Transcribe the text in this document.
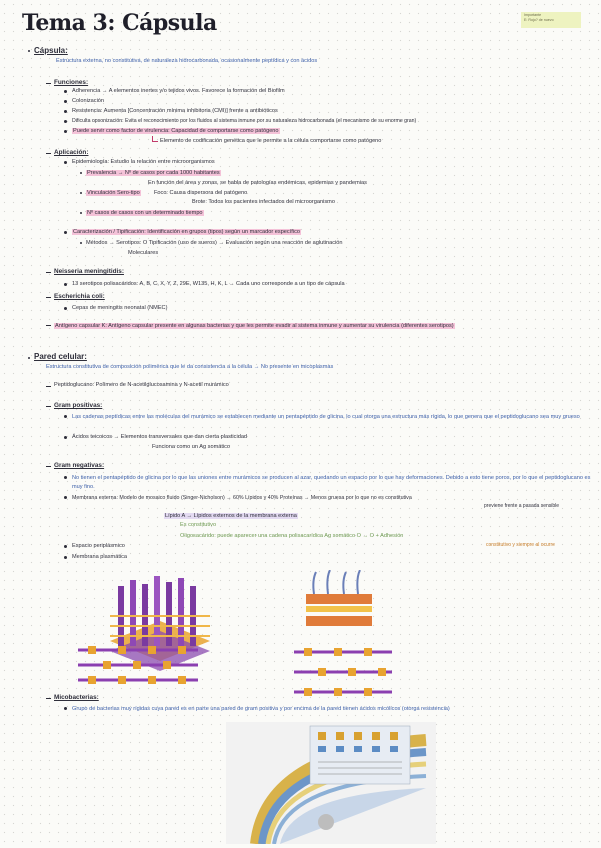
Tema 3: Cápsula	Importante
E: Rojo? de nuevo
Cápsula:
Estructura externa, no constitutiva, de naturaleza hidrocarbonada, ocasionalmente peptídica y con ácidos
Funciones:
Adherencia → A elementos inertes y/o tejidos vivos. Favorece la formación del Biofilm
Colonización
Resistencia: Aumenta [Concentración mínima inhibitoria (CMI)] frente a antibióticos
Dificulta opsonización: Evita el reconocimiento por los fluidos al sistema inmune por su naturaleza hidrocarbonada (el mecanismo de su enorme gran)
Puede servir como factor de virulencia: Capacidad de comportarse como patógeno
Elemento de codificación genética que le permite a la célula comportarse como patógeno
Aplicación:
Epidemiología: Estudio la relación entre microorganismos
Prevalencia → Nº de casos por cada 1000 habitantes
En función del área y zonas, se habla de patologías endémicas, epidemias y pandemias
Vinculación Sero-tipo	Foco: Causa dispersora del patógeno
Brote: Todos los pacientes infectados del microorganismo
Nº casos de casos con un determinado tiempo
Caracterización / Tipificación: Identificación en grupos (tipos) según un marcador específico
Métodos → Serotipos: O Tipificación (uso de sueros) → Evaluación según una reacción de aglutinación
Moleculares
Neisseria meningitidis:
13 serotipos polisacáridos: A, B, C, X, Y, Z, 29E, W135, H, K, L → Cada uno corresponde a un tipo de cápsula
Escherichia coli:
Cepas de meningitis neonatal (NMEC)
Antígeno capsular K: Antígeno capsular presente en algunas bacterias y que les permite evadir al sistema inmune y aumentar su virulencia (diferentes serotipos)
Pared celular:
Estructura constitutiva de composición polimérica que le da consistencia a la célula → No presente en micoplasmas
Peptidoglucano: Polímero de N-acetilglucosamina y N-acetil murámico
Gram positivas:
Las cadenas peptídicas entre las moléculas del murámico se establecen mediante un pentapéptido de glicina, lo cual otorga una estructura más rígida, lo que genera que el peptidoglucano sea muy grueso
Ácidos teicoicos → Elementos transversales que dan cierta plasticidad
Funciona como un Ag somático
Gram negativas:
No tienen el pentapéptido de glicina por lo que las uniones entre murámicos se producen al azar, quedando un espacio por lo que hay deformaciones. Debido a esto tiene poros, por lo que el peptidoglucano es muy fino.
Membrana externa: Modelo de mosaico fluido (Singer-Nicholson) → 60% Lípidos y 40% Proteínas → Menos gruesa por lo que no es constitutiva
previene frente a pasada sensible
Lípido A → Lípidos externos de la membrana externa
Es constitutivo
Oligosacárido: puede aparecer una cadena polisacarídica Ag somático O → O + Adhesión
constitutivo y siempre al ocurre
Espacio periplásmico
Membrana plasmática
Micobacterias:
Grupo de bacterias muy rígidas cuya pared es en parte una pared de gram positiva y por encima de la pared tienen ácidos micólicos (otorga resistencia)
